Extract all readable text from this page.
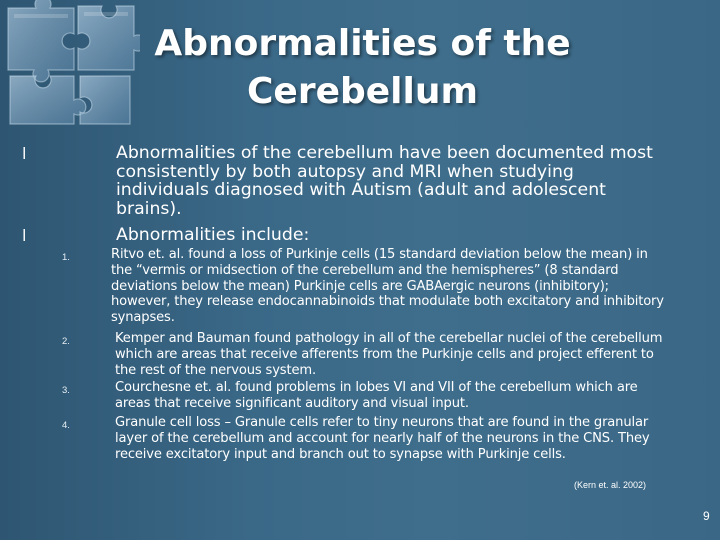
Abnormalities of the
Cerebellum
l	Abnormalities of the cerebellum have been documented most consistently by both autopsy and MRI when studying individuals diagnosed with Autism (adult and adolescent brains).
l	Abnormalities include:
1.	Ritvo et. al. found a loss of Purkinje cells (15 standard deviation below the mean) in the “vermis or midsection of the cerebellum and the hemispheres” (8 standard deviations below the mean) Purkinje cells are GABAergic neurons (inhibitory); however, they release endocannabinoids that modulate both excitatory and inhibitory synapses.
2.	Kemper and Bauman found pathology in all of the cerebellar nuclei of the cerebellum which are areas that receive afferents from the Purkinje cells and project efferent to the rest of the nervous system.
3.	Courchesne et. al. found problems in lobes VI and VII of the cerebellum which are areas that receive significant auditory and visual input.
4.	Granule cell loss – Granule cells refer to tiny neurons that are found in the granular layer of the cerebellum and account for nearly half of the neurons in the CNS. They receive excitatory input and branch out to synapse with Purkinje cells.
(Kern et. al. 2002)
9
